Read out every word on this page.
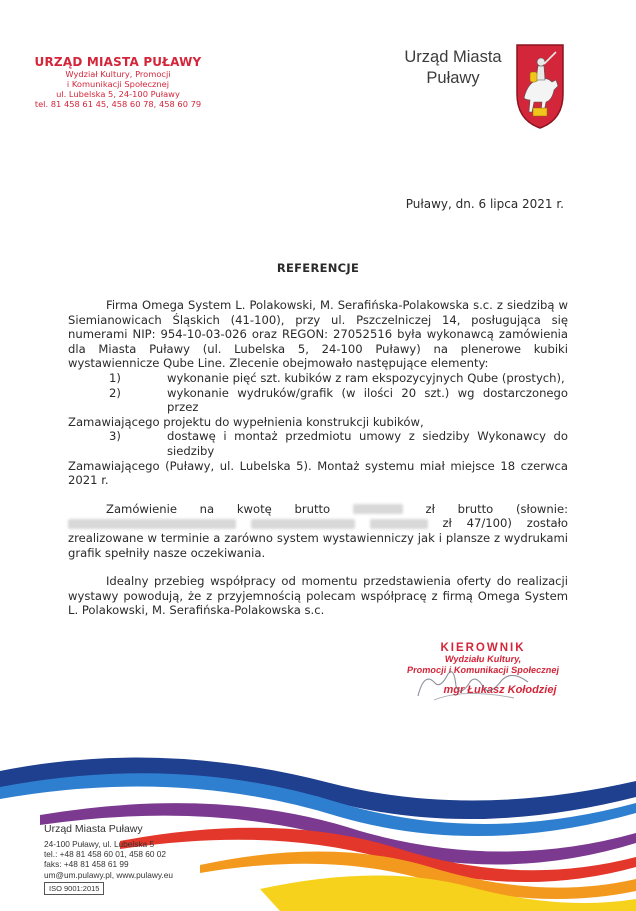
URZĄD MIASTA PUŁAWY
Wydział Kultury, Promocji
i Komunikacji Społecznej
ul. Lubelska 5, 24-100 Puławy
tel. 81 458 61 45, 458 60 78, 458 60 79
Urząd Miasta
Puławy
Puławy, dn. 6 lipca 2021 r.
REFERENCJE

Firma Omega System L. Polakowski, M. Serafińska-Polakowska s.c. z siedzibą w Siemianowicach Śląskich (41-100), przy ul. Pszczelniczej 14, posługująca się numerami NIP: 954-10-03-026 oraz REGON: 27052516 była wykonawcą zamówienia dla Miasta Puławy (ul. Lubelska 5, 24-100 Puławy) na plenerowe kubiki wystawiennicze Qube Line. Zlecenie obejmowało następujące elementy:

1)	wykonanie pięć szt. kubików z ram ekspozycyjnych Qube (prostych),
2)	wykonanie wydruków/grafik (w ilości 20 szt.) wg dostarczonego przez

Zamawiającego projektu do wypełnienia konstrukcji kubików,

3)	dostawę i montaż przedmiotu umowy z siedziby Wykonawcy do siedziby

Zamawiającego (Puławy, ul. Lubelska 5). Montaż systemu miał miejsce 18 czerwca 2021 r.

Zamówienie na kwotę brutto	zł brutto (słownie:    zł 47/100) zostało zrealizowane w terminie a zarówno system wystawienniczy jak i plansze z wydrukami grafik spełniły nasze oczekiwania.

Idealny przebieg współpracy od momentu przedstawienia oferty do realizacji wystawy powodują, że z przyjemnością polecam współpracę z firmą Omega System L. Polakowski, M. Serafińska-Polakowska s.c.

KIEROWNIK
Wydziału Kultury,
Promocji i Komunikacji Społecznej
mgr Łukasz Kołodziej
Urząd Miasta Puławy
24-100 Puławy, ul. Lubelska 5
tel.: +48 81 458 60 01, 458 60 02
faks: +48 81 458 61 99
um@um.pulawy.pl, www.pulawy.eu
ISO 9001:2015
